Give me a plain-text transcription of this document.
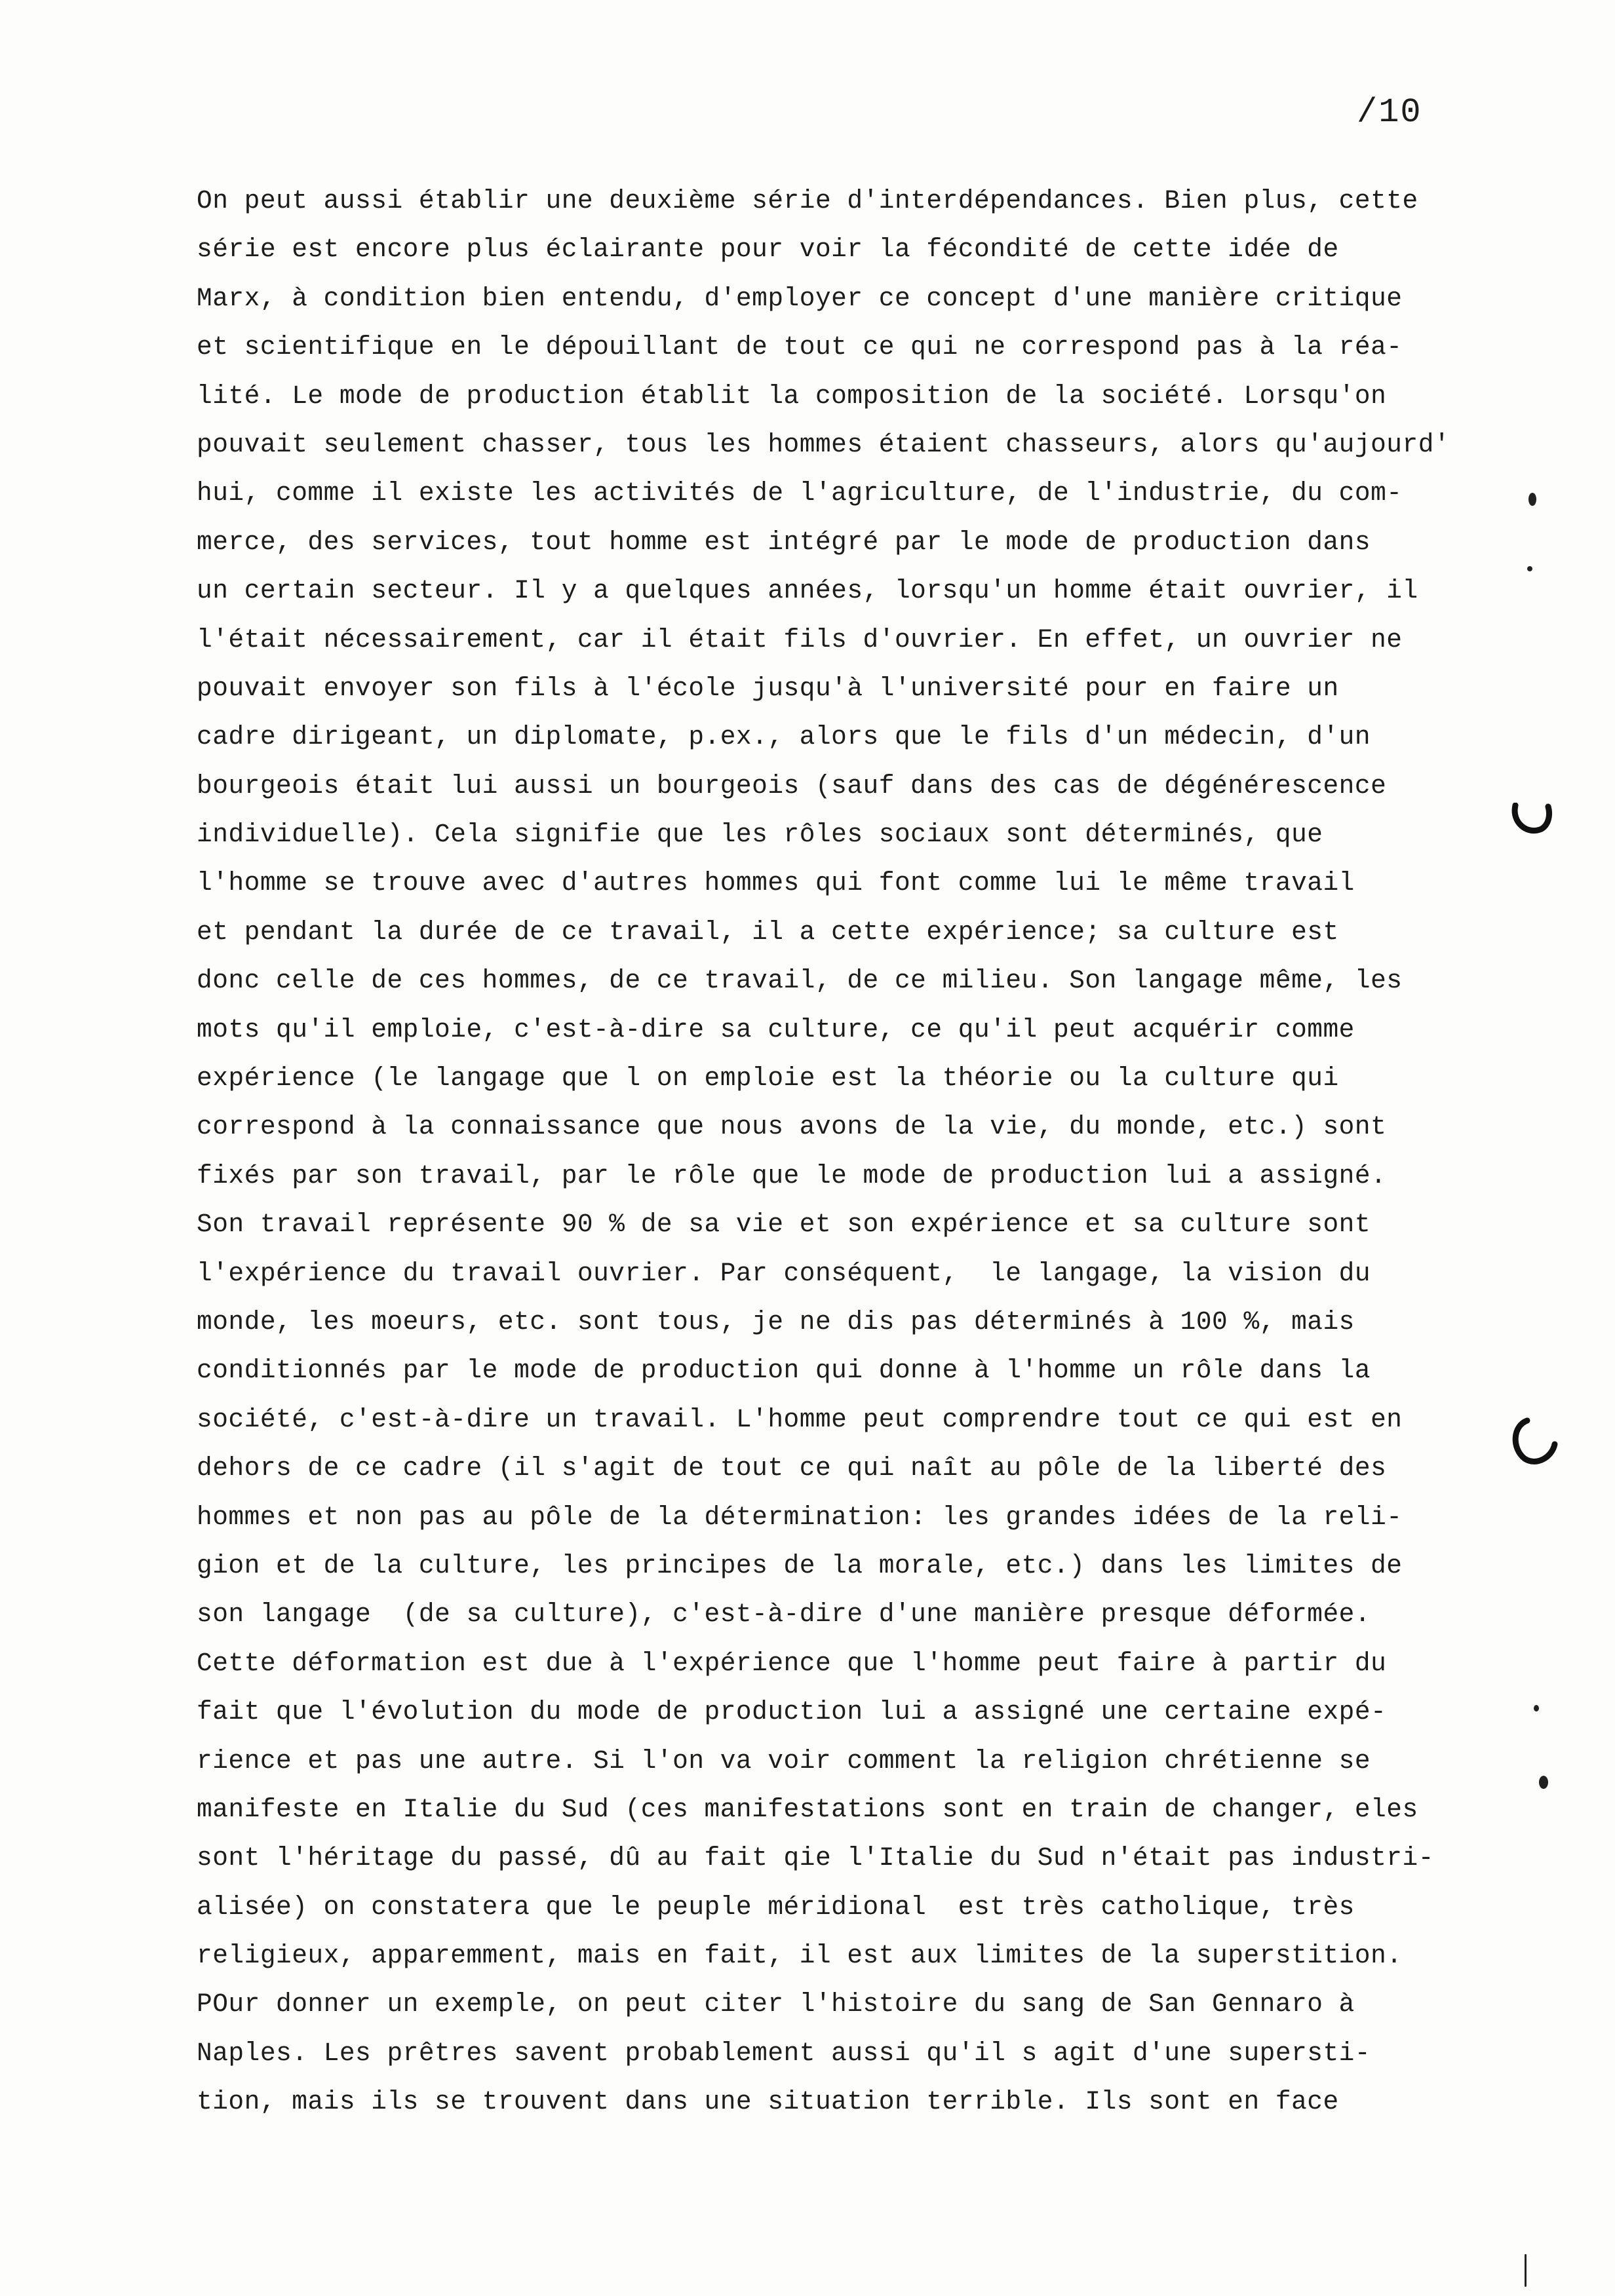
/10
On peut aussi établir une deuxième série d'interdépendances. Bien plus, cette
série est encore plus éclairante pour voir la fécondité de cette idée de
Marx, à condition bien entendu, d'employer ce concept d'une manière critique
et scientifique en le dépouillant de tout ce qui ne correspond pas à la réa-
lité. Le mode de production établit la composition de la société. Lorsqu'on
pouvait seulement chasser, tous les hommes étaient chasseurs, alors qu'aujourd'
hui, comme il existe les activités de l'agriculture, de l'industrie, du com-
merce, des services, tout homme est intégré par le mode de production dans
un certain secteur. Il y a quelques années, lorsqu'un homme était ouvrier, il
l'était nécessairement, car il était fils d'ouvrier. En effet, un ouvrier ne
pouvait envoyer son fils à l'école jusqu'à l'université pour en faire un
cadre dirigeant, un diplomate, p.ex., alors que le fils d'un médecin, d'un
bourgeois était lui aussi un bourgeois (sauf dans des cas de dégénérescence
individuelle). Cela signifie que les rôles sociaux sont déterminés, que
l'homme se trouve avec d'autres hommes qui font comme lui le même travail
et pendant la durée de ce travail, il a cette expérience; sa culture est
donc celle de ces hommes, de ce travail, de ce milieu. Son langage même, les
mots qu'il emploie, c'est-à-dire sa culture, ce qu'il peut acquérir comme
expérience (le langage que l on emploie est la théorie ou la culture qui
correspond à la connaissance que nous avons de la vie, du monde, etc.) sont
fixés par son travail, par le rôle que le mode de production lui a assigné.
Son travail représente 90 % de sa vie et son expérience et sa culture sont
l'expérience du travail ouvrier. Par conséquent,  le langage, la vision du
monde, les moeurs, etc. sont tous, je ne dis pas déterminés à 100 %, mais
conditionnés par le mode de production qui donne à l'homme un rôle dans la
société, c'est-à-dire un travail. L'homme peut comprendre tout ce qui est en
dehors de ce cadre (il s'agit de tout ce qui naît au pôle de la liberté des
hommes et non pas au pôle de la détermination: les grandes idées de la reli-
gion et de la culture, les principes de la morale, etc.) dans les limites de
son langage  (de sa culture), c'est-à-dire d'une manière presque déformée.
Cette déformation est due à l'expérience que l'homme peut faire à partir du
fait que l'évolution du mode de production lui a assigné une certaine expé-
rience et pas une autre. Si l'on va voir comment la religion chrétienne se
manifeste en Italie du Sud (ces manifestations sont en train de changer, eles
sont l'héritage du passé, dû au fait qie l'Italie du Sud n'était pas industri-
alisée) on constatera que le peuple méridional  est très catholique, très
religieux, apparemment, mais en fait, il est aux limites de la superstition.
POur donner un exemple, on peut citer l'histoire du sang de San Gennaro à
Naples. Les prêtres savent probablement aussi qu'il s agit d'une supersti-
tion, mais ils se trouvent dans une situation terrible. Ils sont en face
